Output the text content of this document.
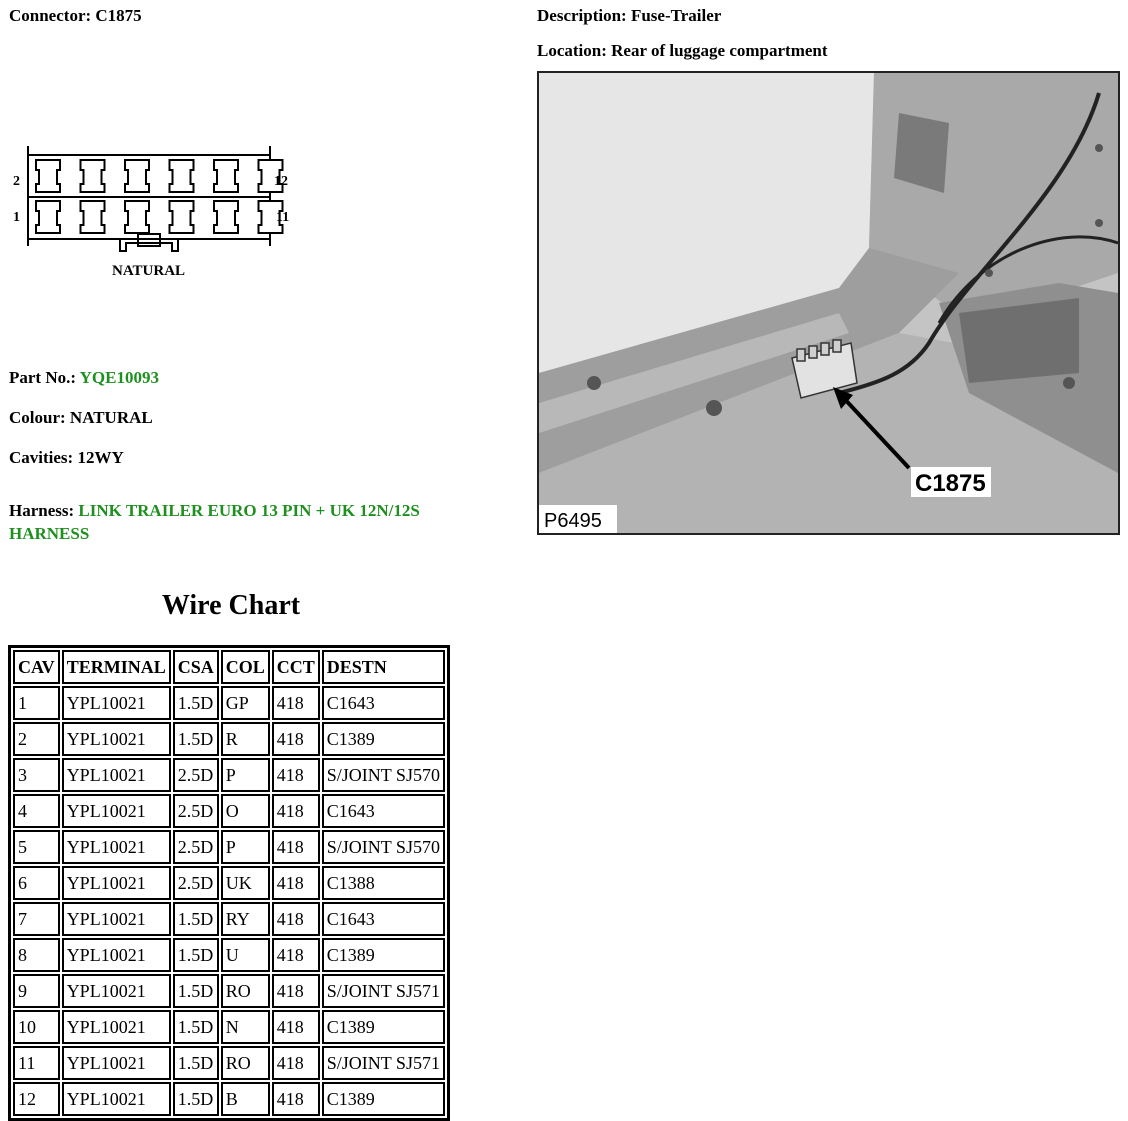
Connector: C1875	Description: Fuse-Trailer
Location: Rear of luggage compartment
2
1
12
11
NATURAL
Part No.: YQE10093
Colour: NATURAL
Cavities: 12WY
Harness: LINK TRAILER EURO 13 PIN + UK 12N/12S
HARNESS
C1875
P6495
Wire Chart
CAV	TERMINAL	CSA	COL	CCT	DESTN
1	YPL10021	1.5D	GP	418	C1643
2	YPL10021	1.5D	R	418	C1389
3	YPL10021	2.5D	P	418	S/JOINT SJ570
4	YPL10021	2.5D	O	418	C1643
5	YPL10021	2.5D	P	418	S/JOINT SJ570
6	YPL10021	2.5D	UK	418	C1388
7	YPL10021	1.5D	RY	418	C1643
8	YPL10021	1.5D	U	418	C1389
9	YPL10021	1.5D	RO	418	S/JOINT SJ571
10	YPL10021	1.5D	N	418	C1389
11	YPL10021	1.5D	RO	418	S/JOINT SJ571
12	YPL10021	1.5D	B	418	C1389
